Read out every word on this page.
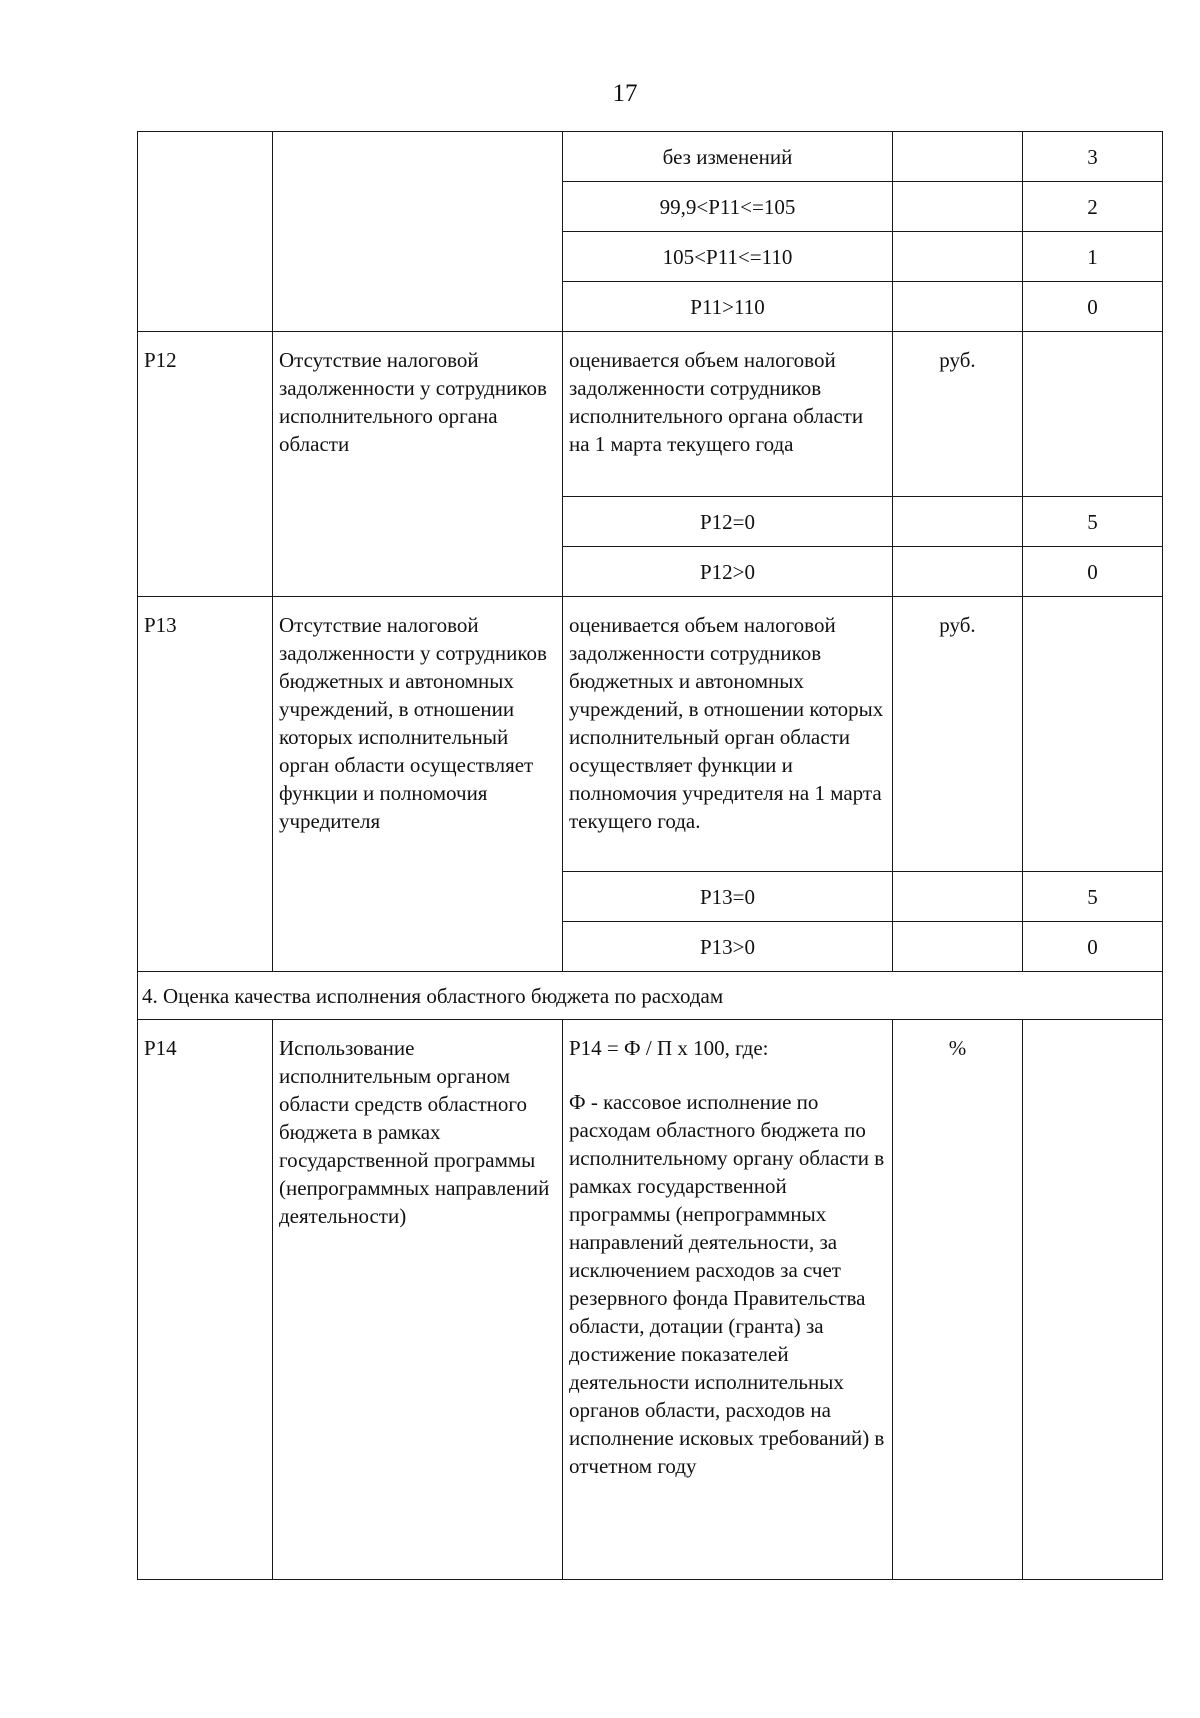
17
		без изменений		3
		99,9<P11<=105		2
		105<P11<=110		1
		P11>110		0
P12	Отсутствие налоговой задолженности у сотрудников исполнительного органа области	оценивается объем налоговой задолженности сотрудников исполнительного органа области на 1 марта текущего года	руб.	
		P12=0		5
		P12>0		0
P13	Отсутствие налоговой задолженности у сотрудников бюджетных и автономных учреждений, в отношении которых исполнительный орган области осуществляет функции и полномочия учредителя	оценивается объем налоговой задолженности сотрудников бюджетных и автономных учреждений, в отношении которых исполнительный орган области осуществляет функции и полномочия учредителя на 1 марта текущего года.	руб.	
		P13=0		5
		P13>0		0
4. Оценка качества исполнения областного бюджета по расходам				
P14	Использование исполнительным органом области средств областного бюджета в рамках государственной программы (непрограммных направлений деятельности)	P14 = Ф / П x 100, где:
Ф - кассовое исполнение по расходам областного бюджета по исполнительному органу области в рамках государственной программы (непрограммных направлений деятельности, за исключением расходов за счет резервного фонда Правительства области, дотации (гранта) за достижение показателей деятельности исполнительных органов области, расходов на исполнение исковых требований) в отчетном году	%	
